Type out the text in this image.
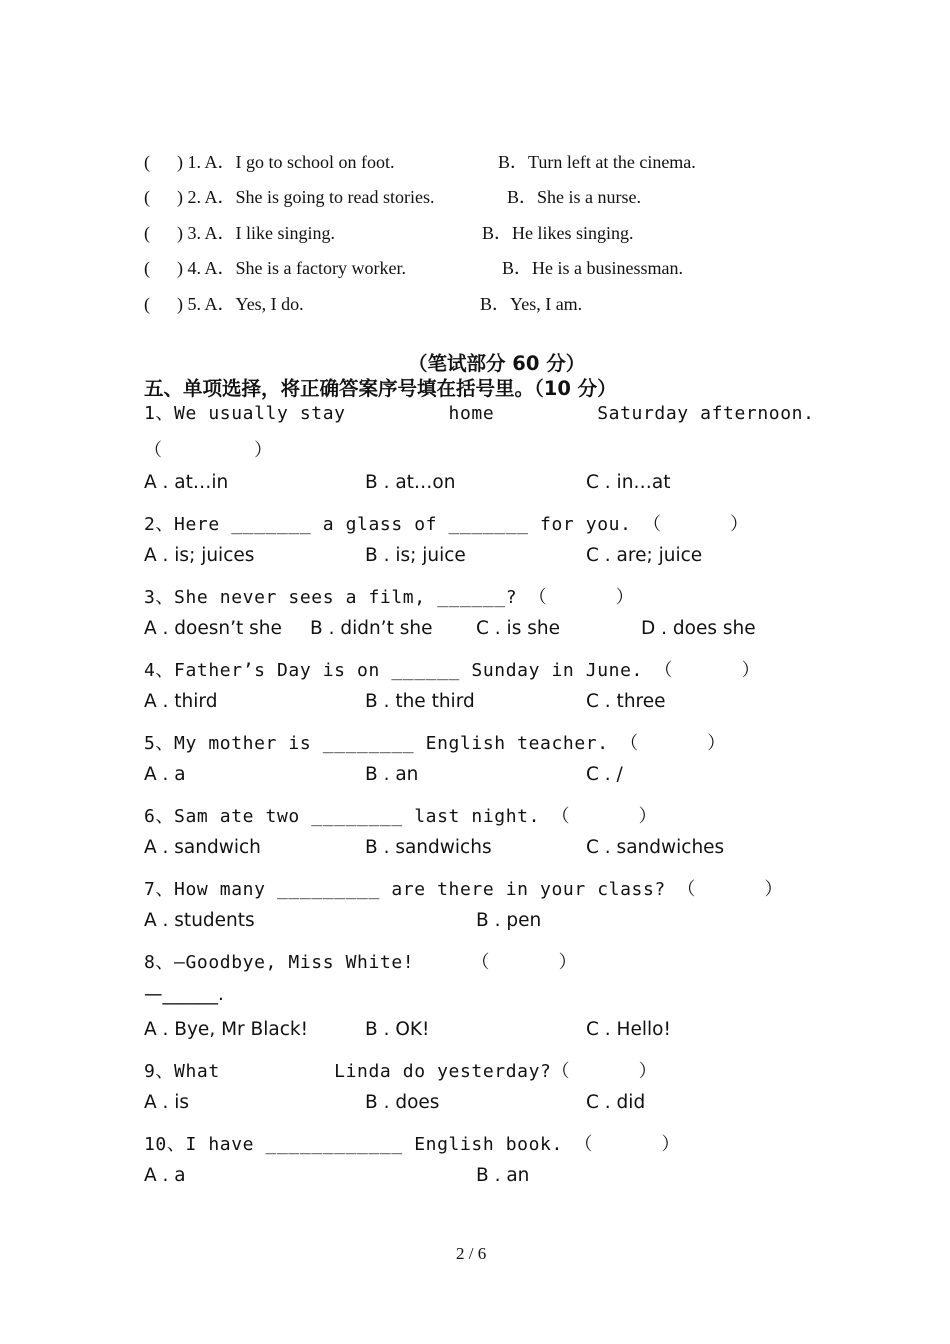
(      ) 1. A．I go to school on foot.	B．Turn left at the cinema.
(      ) 2. A．She is going to read stories.	B．She is a nurse.
(      ) 3. A．I like singing.	B．He likes singing.
(      ) 4. A．She is a factory worker.	B．He is a businessman.
(      ) 5. A．Yes, I do.	B．Yes, I am.
（笔试部分 60 分）
五、单项选择，将正确答案序号填在括号里。（10 分）
1、We usually stay         home         Saturday afternoon.
（        ）
A . at…in	B . at…on	C . in…at
2、Here _______ a glass of _______ for you. （      ）
A . is; juices	B . is; juice	C . are; juice
3、She never sees a film, ______? （      ）
A . doesn’t she B . didn’t she C . is she	D . does she
4、Father’s Day is on ______ Sunday in June. （      ）
A . third	B . the third	C . three
5、My mother is ________ English teacher. （      ）
A . a	B . an	C . /
6、Sam ate two ________ last night. （      ）
A . sandwich	B . sandwichs	C . sandwiches
7、How many _________ are there in your class? （      ）
A . students	B . pen
8、—Goodbye, Miss White!     （      ）
—______.
A . Bye, Mr Black!	B . OK!	C . Hello!
9、What          Linda do yesterday?（      ）
A . is	B . does	C . did
10、I have ____________ English book. （      ）
A . a	B . an
2 / 6
